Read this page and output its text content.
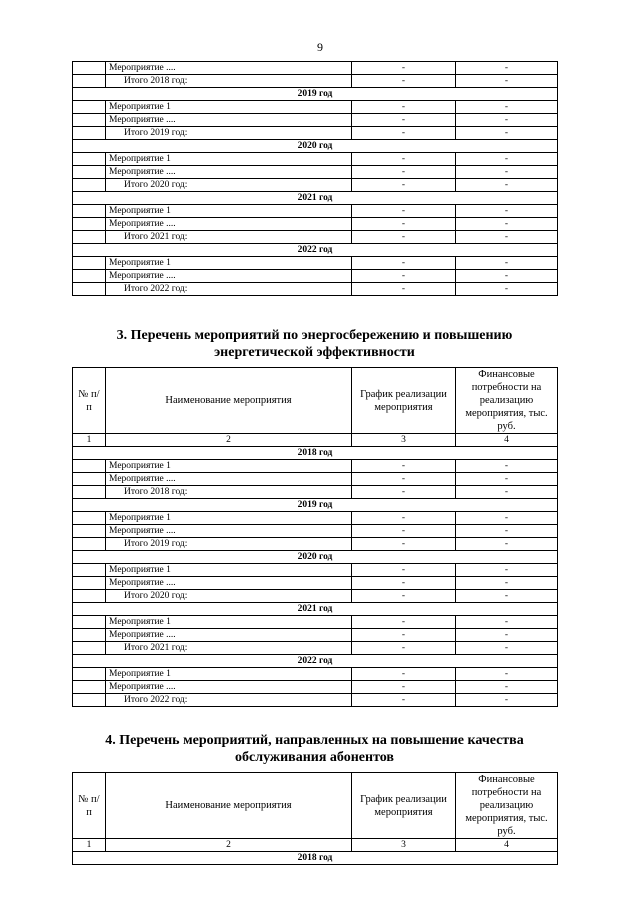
9
	Мероприятие ....	-	-
	Итого 2018 год:	-	-
2019 год			
	Мероприятие 1	-	-
	Мероприятие ....	-	-
	Итого 2019 год:	-	-
2020 год			
	Мероприятие 1	-	-
	Мероприятие ....	-	-
	Итого 2020 год:	-	-
2021 год			
	Мероприятие 1	-	-
	Мероприятие ....	-	-
	Итого 2021 год:	-	-
2022 год			
	Мероприятие 1	-	-
	Мероприятие ....	-	-
	Итого 2022 год:	-	-
3. Перечень мероприятий по энергосбережению и повышению
энергетической эффективности
№ п/п	Наименование мероприятия	График реализации мероприятия	Финансовые потребности на реализацию мероприятия, тыс. руб.
1	2	3	4
2018 год			
	Мероприятие 1	-	-
	Мероприятие ....	-	-
	Итого 2018 год:	-	-
2019 год			
	Мероприятие 1	-	-
	Мероприятие ....	-	-
	Итого 2019 год:	-	-
2020 год			
	Мероприятие 1	-	-
	Мероприятие ....	-	-
	Итого 2020 год:	-	-
2021 год			
	Мероприятие 1	-	-
	Мероприятие ....	-	-
	Итого 2021 год:	-	-
2022 год			
	Мероприятие 1	-	-
	Мероприятие ....	-	-
	Итого 2022 год:	-	-
4. Перечень мероприятий, направленных на повышение качества
обслуживания абонентов
№ п/п	Наименование мероприятия	График реализации мероприятия	Финансовые потребности на реализацию мероприятия, тыс. руб.
1	2	3	4
2018 год			
